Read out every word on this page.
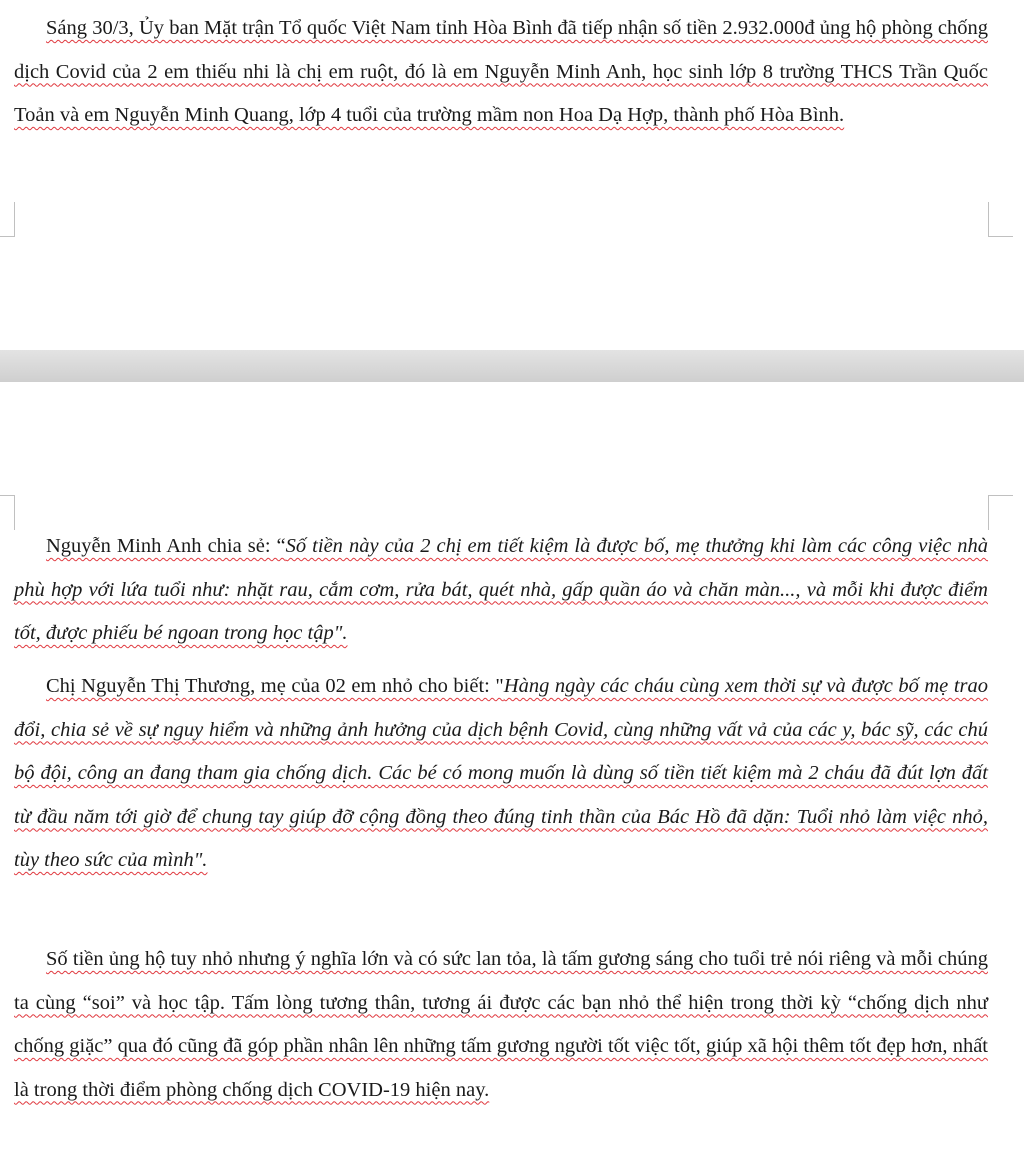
Sáng 30/3, Ủy ban Mặt trận Tổ quốc Việt Nam tỉnh Hòa Bình đã tiếp nhận số tiền 2.932.000đ ủng hộ phòng chống dịch Covid của 2 em thiếu nhi là chị em ruột, đó là em Nguyễn Minh Anh, học sinh lớp 8 trường THCS Trần Quốc Toản và em Nguyễn Minh Quang, lớp 4 tuổi của trường mầm non Hoa Dạ Hợp, thành phố Hòa Bình.

Nguyễn Minh Anh chia sẻ: “Số tiền này của 2 chị em tiết kiệm là được bố, mẹ thưởng khi làm các công việc nhà phù hợp với lứa tuổi như: nhặt rau, cắm cơm, rửa bát, quét nhà, gấp quần áo và chăn màn..., và mỗi khi được điểm tốt, được phiếu bé ngoan trong học tập".

Chị Nguyễn Thị Thương, mẹ của 02 em nhỏ cho biết: "Hàng ngày các cháu cùng xem thời sự và được bố mẹ trao đổi, chia sẻ về sự nguy hiểm và những ảnh hưởng của dịch bệnh Covid, cùng những vất vả của các y, bác sỹ, các chú bộ đội, công an đang tham gia chống dịch. Các bé có mong muốn là dùng số tiền tiết kiệm mà 2 cháu đã đút lợn đất từ đầu năm tới giờ để chung tay giúp đỡ cộng đồng theo đúng tinh thần của Bác Hồ đã dặn: Tuổi nhỏ làm việc nhỏ, tùy theo sức của mình".

Số tiền ủng hộ tuy nhỏ nhưng ý nghĩa lớn và có sức lan tỏa, là tấm gương sáng cho tuổi trẻ nói riêng và mỗi chúng ta cùng “soi” và học tập. Tấm lòng tương thân, tương ái được các bạn nhỏ thể hiện trong thời kỳ “chống dịch như chống giặc” qua đó cũng đã góp phần nhân lên những tấm gương người tốt việc tốt, giúp xã hội thêm tốt đẹp hơn, nhất là trong thời điểm phòng chống dịch COVID-19 hiện nay.
